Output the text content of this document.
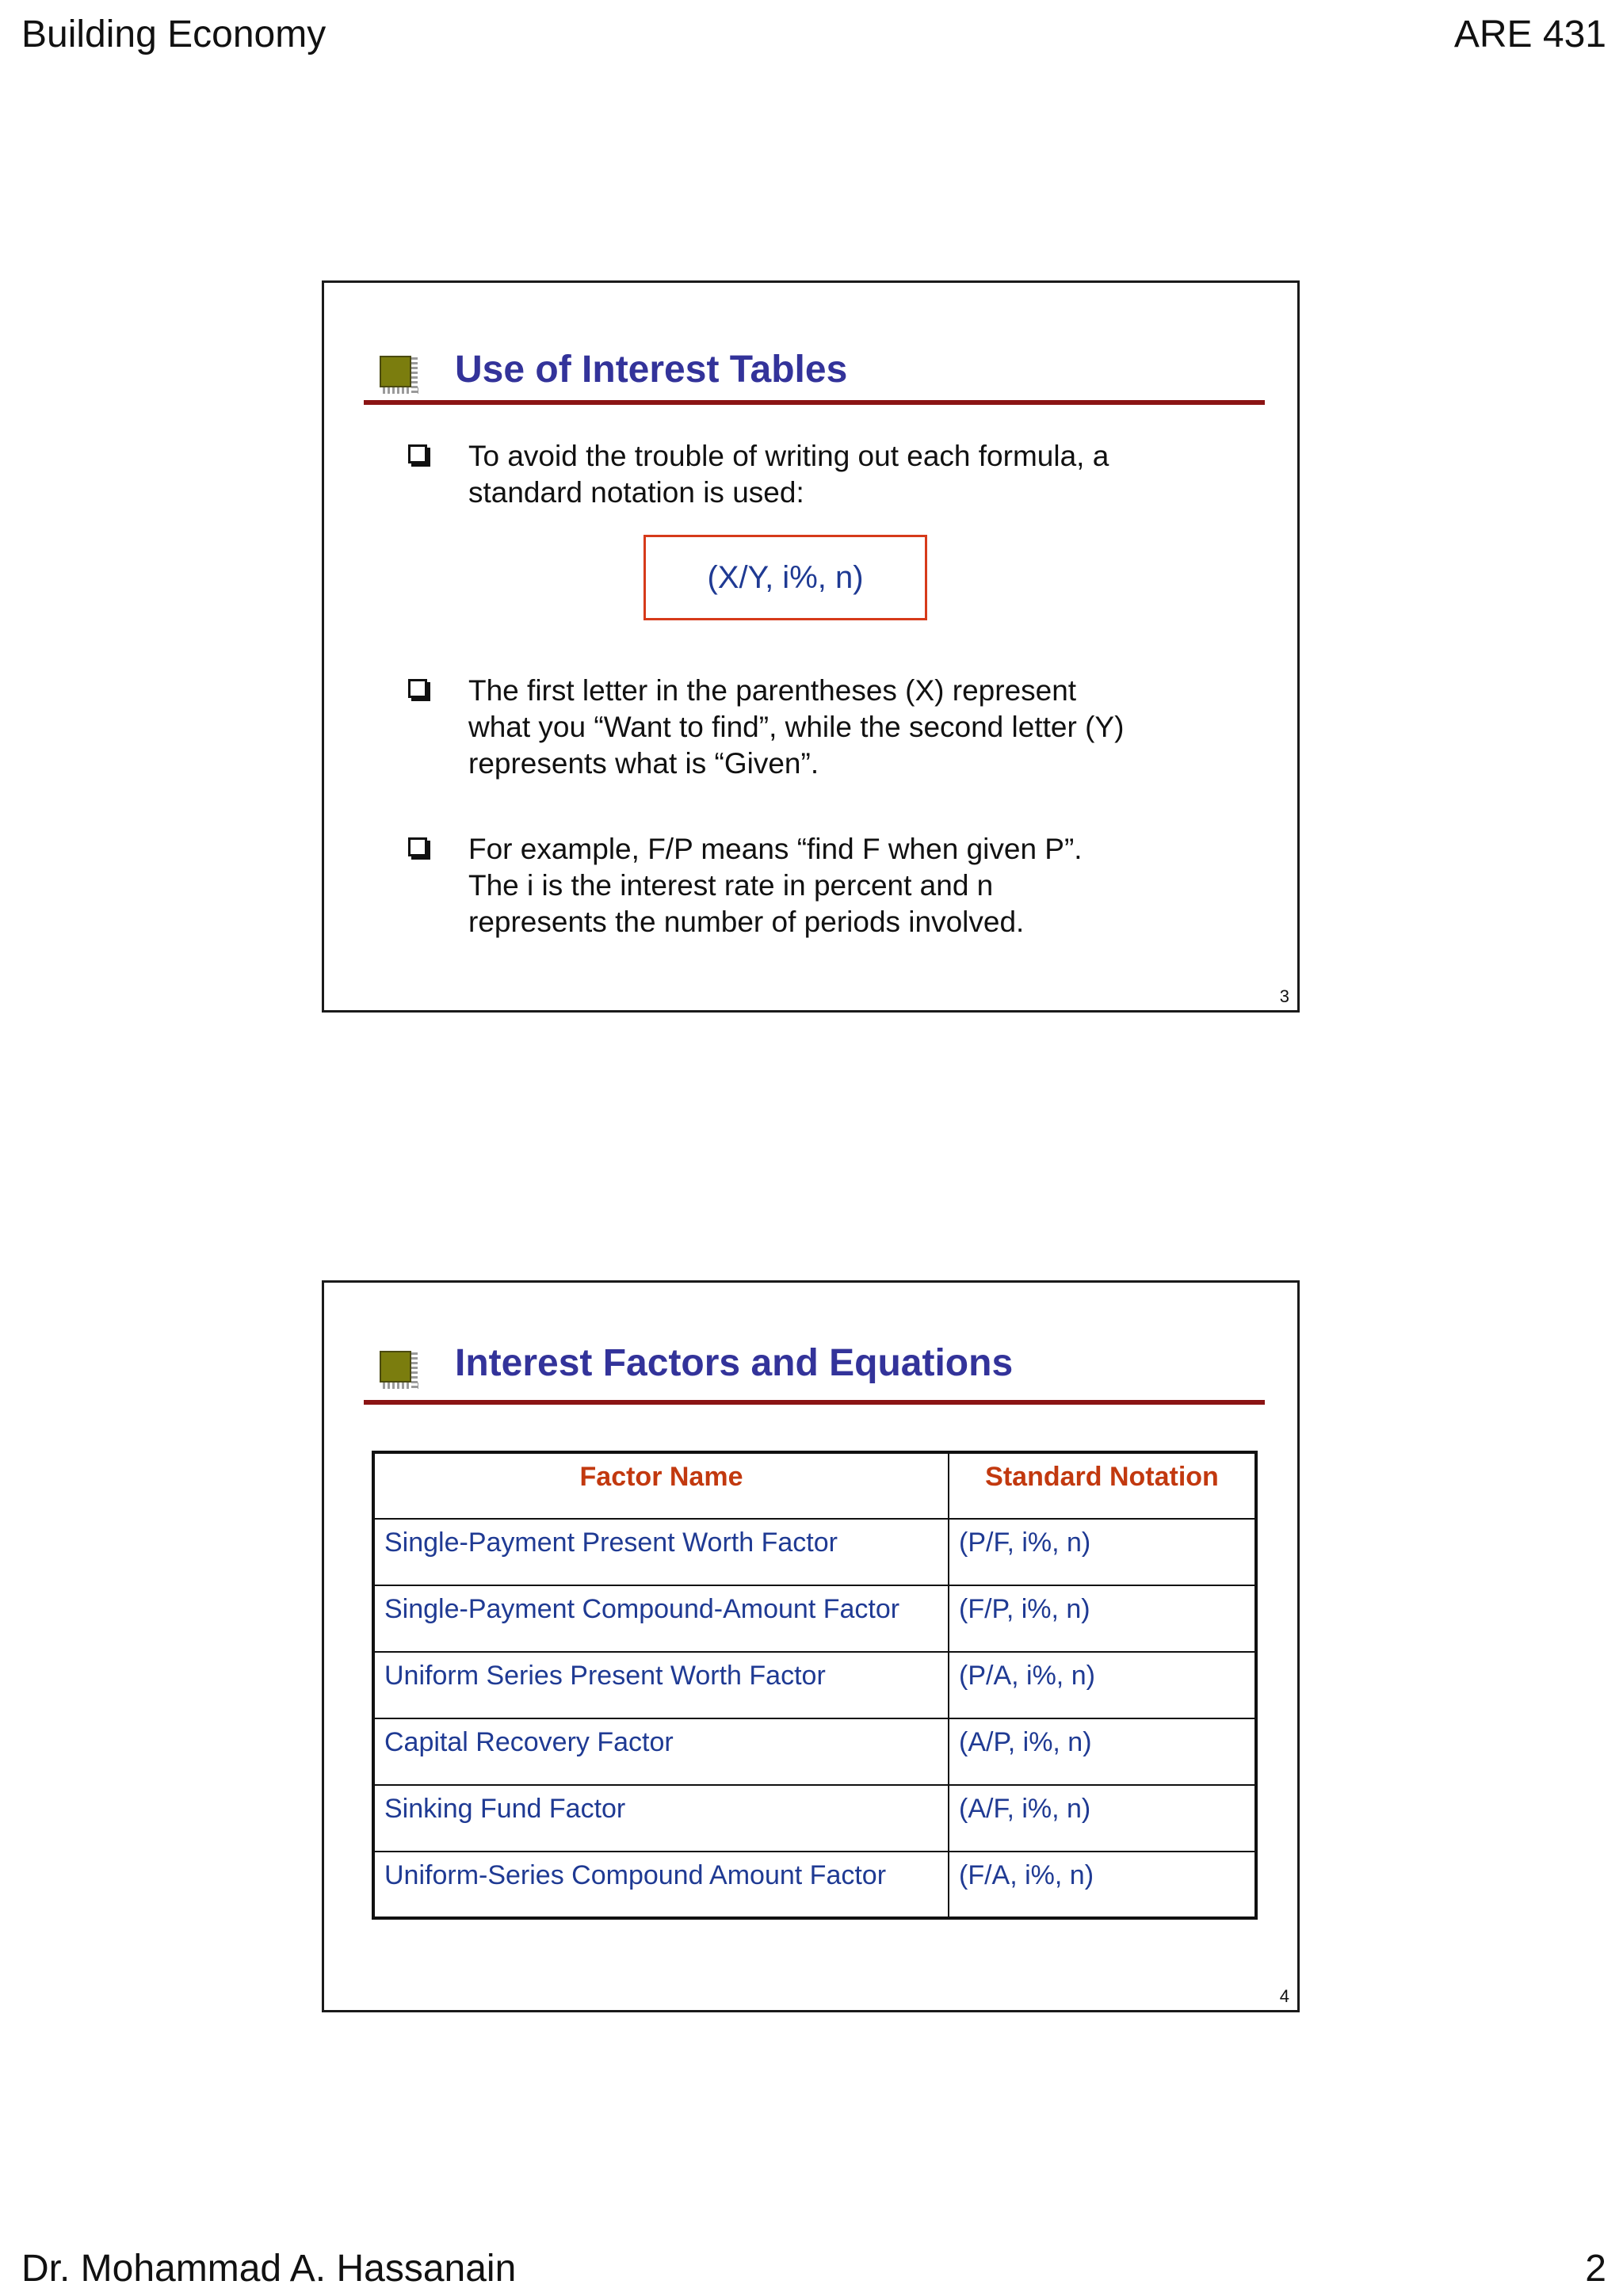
Building Economy	ARE 431
Use of Interest Tables
To avoid the trouble of writing out each formula, a standard notation is used:
(X/Y, i%, n)
The first letter in the parentheses (X) represent what you “Want to find”, while the second letter (Y) represents what is “Given”.
For example, F/P means “find F when given P”. The i is the interest rate in percent and n represents the number of periods involved.
3
Interest Factors and Equations
Factor Name	Standard Notation
Single-Payment Present Worth Factor	(P/F, i%, n)
Single-Payment Compound-Amount Factor	(F/P, i%, n)
Uniform Series Present Worth Factor	(P/A, i%, n)
Capital Recovery Factor	(A/P, i%, n)
Sinking Fund Factor	(A/F, i%, n)
Uniform-Series Compound Amount Factor	(F/A, i%, n)
4
Dr. Mohammad A. Hassanain	2
